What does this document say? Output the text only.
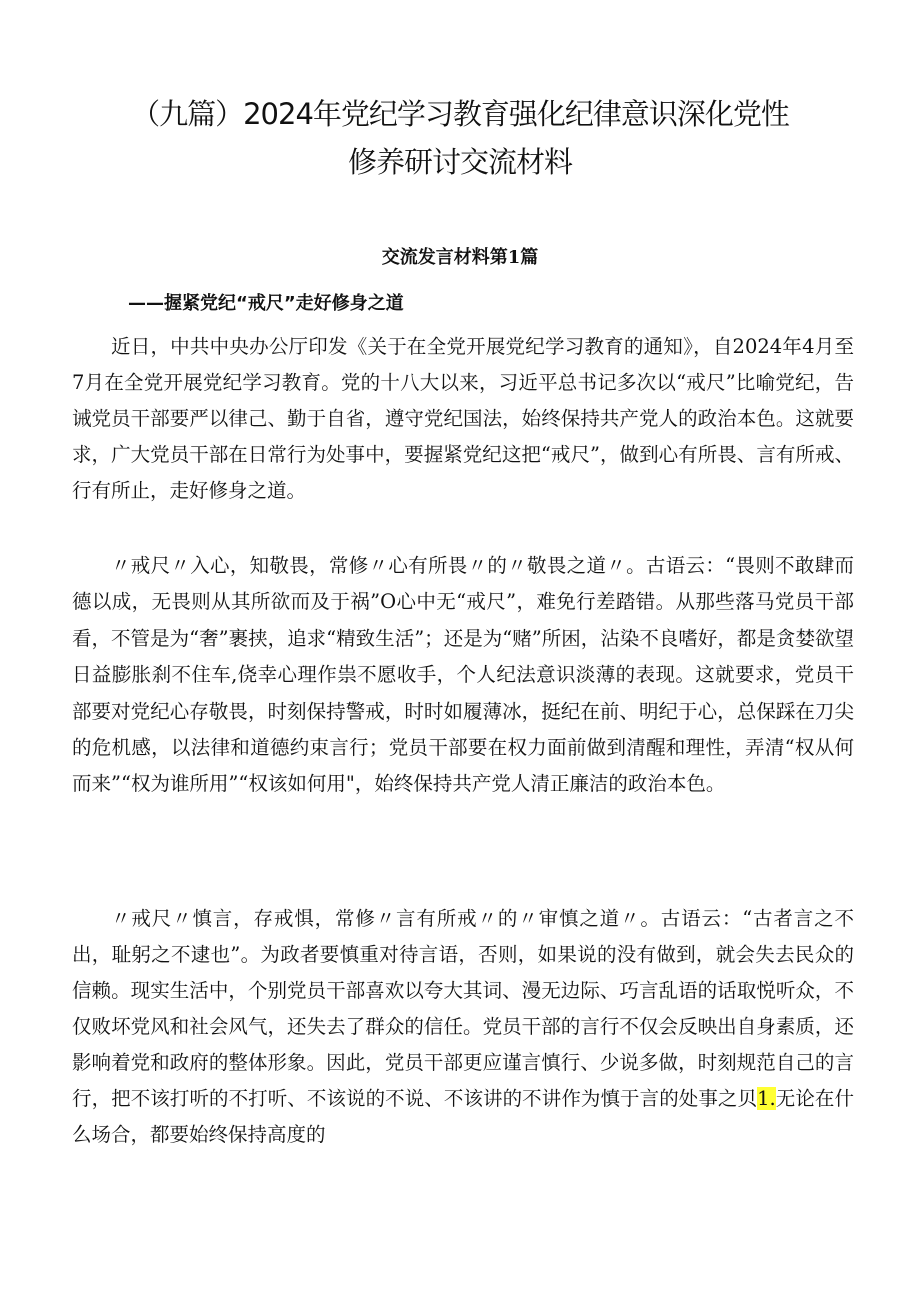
（九篇）2024年党纪学习教育强化纪律意识深化党性
修养研讨交流材料
交流发言材料第1篇

——握紧党纪“戒尺”走好修身之道

近日，中共中央办公厅印发《关于在全党开展党纪学习教育的通知》，自2024年4月至7月在全党开展党纪学习教育。党的十八大以来，习近平总书记多次以“戒尺”比喻党纪，告诫党员干部要严以律己、勤于自省，遵守党纪国法，始终保持共产党人的政治本色。这就要求，广大党员干部在日常行为处事中，要握紧党纪这把“戒尺”，做到心有所畏、言有所戒、行有所止，走好修身之道。

〃戒尺〃入心，知敬畏，常修〃心有所畏〃的〃敬畏之道〃。古语云：“畏则不敢肆而德以成，无畏则从其所欲而及于祸”O心中无“戒尺”，难免行差踏错。从那些落马党员干部看，不管是为“奢”裹挟，追求“精致生活”；还是为“赌”所困，沾染不良嗜好，都是贪婪欲望日益膨胀刹不住车,侥幸心理作祟不愿收手，个人纪法意识淡薄的表现。这就要求，党员干部要对党纪心存敬畏，时刻保持警戒，时时如履薄冰，挺纪在前、明纪于心，总保踩在刀尖的危机感，以法律和道德约束言行；党员干部要在权力面前做到清醒和理性，弄清“权从何而来”“权为谁所用”“权该如何用"，始终保持共产党人清正廉洁的政治本色。

〃戒尺〃慎言，存戒惧，常修〃言有所戒〃的〃审慎之道〃。古语云：“古者言之不出，耻躬之不逮也”。为政者要慎重对待言语，否则，如果说的没有做到，就会失去民众的信赖。现实生活中，个别党员干部喜欢以夸大其词、漫无边际、巧言乱语的话取悦听众，不仅败坏党风和社会风气，还失去了群众的信任。党员干部的言行不仅会反映出自身素质，还影响着党和政府的整体形象。因此，党员干部更应谨言慎行、少说多做，时刻规范自己的言行，把不该打听的不打听、不该说的不说、不该讲的不讲作为慎于言的处事之贝1.无论在什么场合，都要始终保持高度的
